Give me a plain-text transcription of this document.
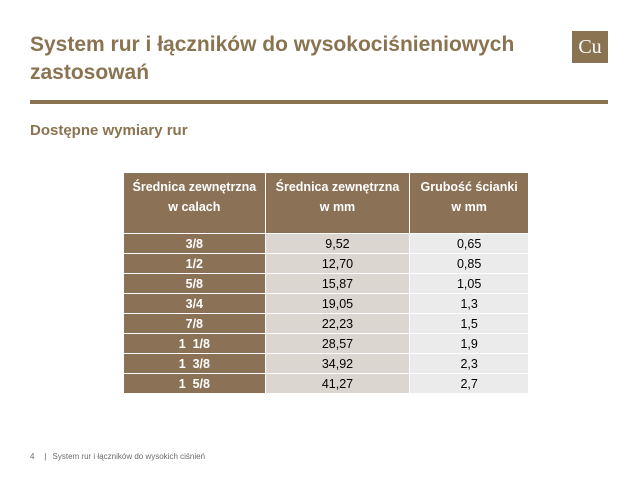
System rur i łączników do wysokociśnieniowych zastosowań
Cu
Dostępne wymiary rur
Średnica zewnętrzna w calach	Średnica zewnętrzna w mm	Grubość ścianki w mm
3/8	9,52	0,65
1/2	12,70	0,85
5/8	15,87	1,05
3/4	19,05	1,3
7/8	22,23	1,5
1  1/8	28,57	1,9
1  3/8	34,92	2,3
1  5/8	41,27	2,7
4 | System rur i łączników do wysokich ciśnień
